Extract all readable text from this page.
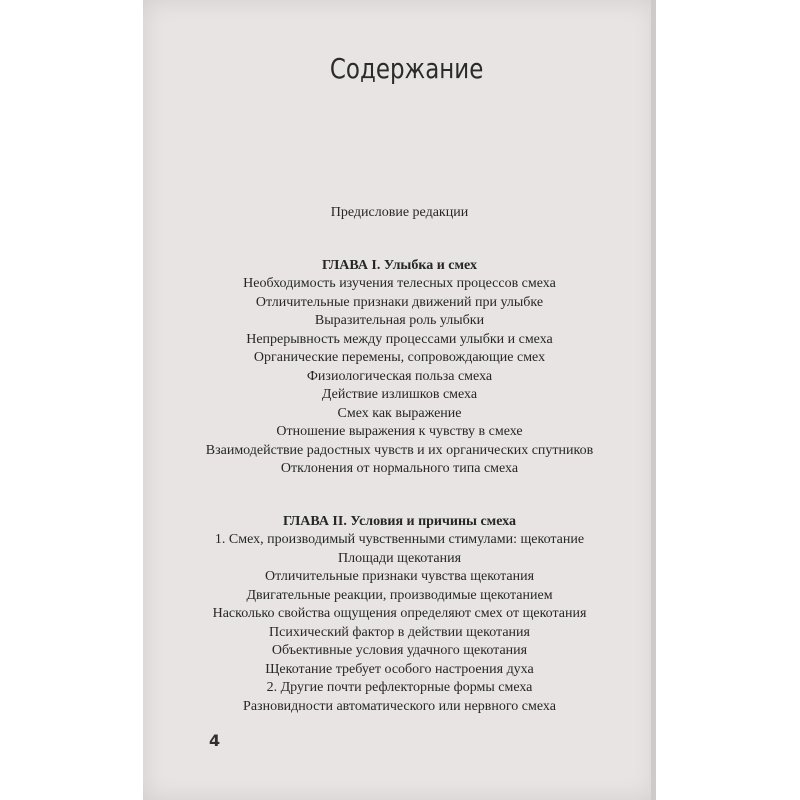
Содержание
Предисловие редакции
ГЛАВА I. Улыбка и смех
Необходимость изучения телесных процессов смеха
Отличительные признаки движений при улыбке
Выразительная роль улыбки
Непрерывность между процессами улыбки и смеха
Органические перемены, сопровождающие смех
Физиологическая польза смеха
Действие излишков смеха
Смех как выражение
Отношение выражения к чувству в смехе
Взаимодействие радостных чувств и их органических спутников
Отклонения от нормального типа смеха
ГЛАВА II. Условия и причины смеха
1. Смех, производимый чувственными стимулами: щекотание
Площади щекотания
Отличительные признаки чувства щекотания
Двигательные реакции, производимые щекотанием
Насколько свойства ощущения определяют смех от щекотания
Психический фактор в действии щекотания
Объективные условия удачного щекотания
Щекотание требует особого настроения духа
2. Другие почти рефлекторные формы смеха
Разновидности автоматического или нервного смеха
4
